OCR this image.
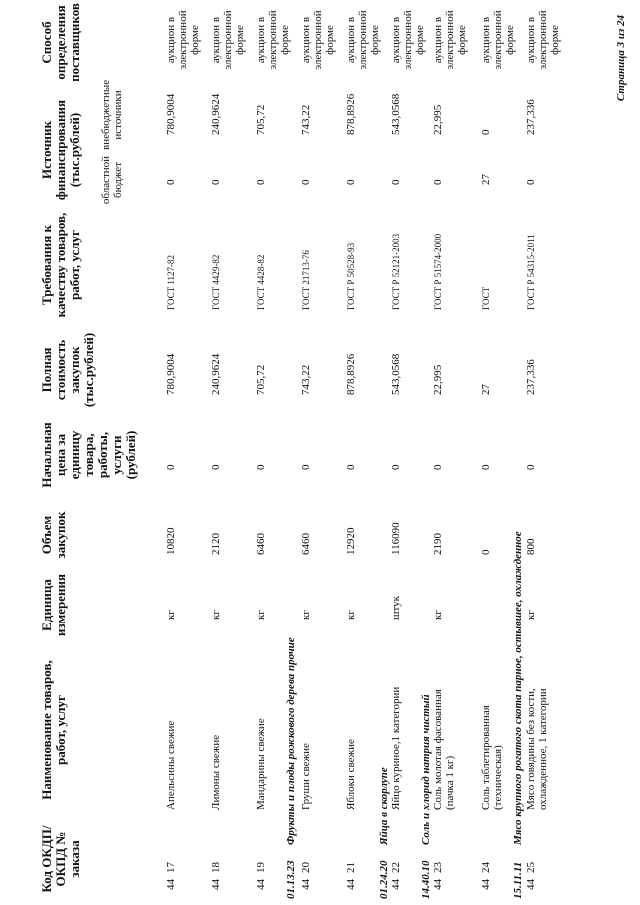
Код ОКДП/ ОКПД № заказа
Наименование товаров, работ, услуг
Единица измерения
Объем закупок
Начальная цена за единицу товара, работы, услуги (рублей)
Полная стоимость закупок (тыс.рублей)
Требования к качеству товаров, работ, услуг
Источник финансирования (тыс.рублей) областной бюджет
внебюджетные источники
Способ определения поставщиков
44
17
Апельсины свежие
кг
10820
0
780,9004
ГОСТ 1127-82
0
780,9004
аукцион в электронной форме
44
18
Лимоны свежие
кг
2120
0
240,9624
ГОСТ 4429-82
0
240,9624
аукцион в электронной форме
44
19
Мандарины свежие
кг
6460
0
705,72
ГОСТ 4428-82
0
705,72
аукцион в электронной форме
01.13.23
Фрукты и плоды рожкового дерева прочие
44
20
Груши свежие
кг
6460
0
743,22
ГОСТ 21713-76
0
743,22
аукцион в электронной форме
44
21
Яблоки свежие
кг
12920
0
878,8926
ГОСТ Р 50528-93
0
878,8926
аукцион в электронной форме
01.24.20
Яйца в скорлупе
44
22
Яйцо куриное,1 категории
штук
116090
0
543,0568
ГОСТ Р 52121-2003
0
543,0568
аукцион в электронной форме
14.40.10
Соль и хлорид натрия чистый
44
23
Соль молотая фасованная (пачка 1 кг)
кг
2190
0
22,995
ГОСТ Р 51574-2000
0
22,995
аукцион в электронной форме
44
24
Соль таблетированная (техническая)
0
0
27
ГОСТ
27
0
аукцион в электронной форме
15.11.11
Мясо крупного рогатого скота парное, остывшее, охлажденное
44
25
Мясо говядины без кости, охлажденное, 1 категории
кг
800
0
237,336
ГОСТ Р 54315-2011
0
237,336
аукцион в электронной форме	Страница 3 из 24
